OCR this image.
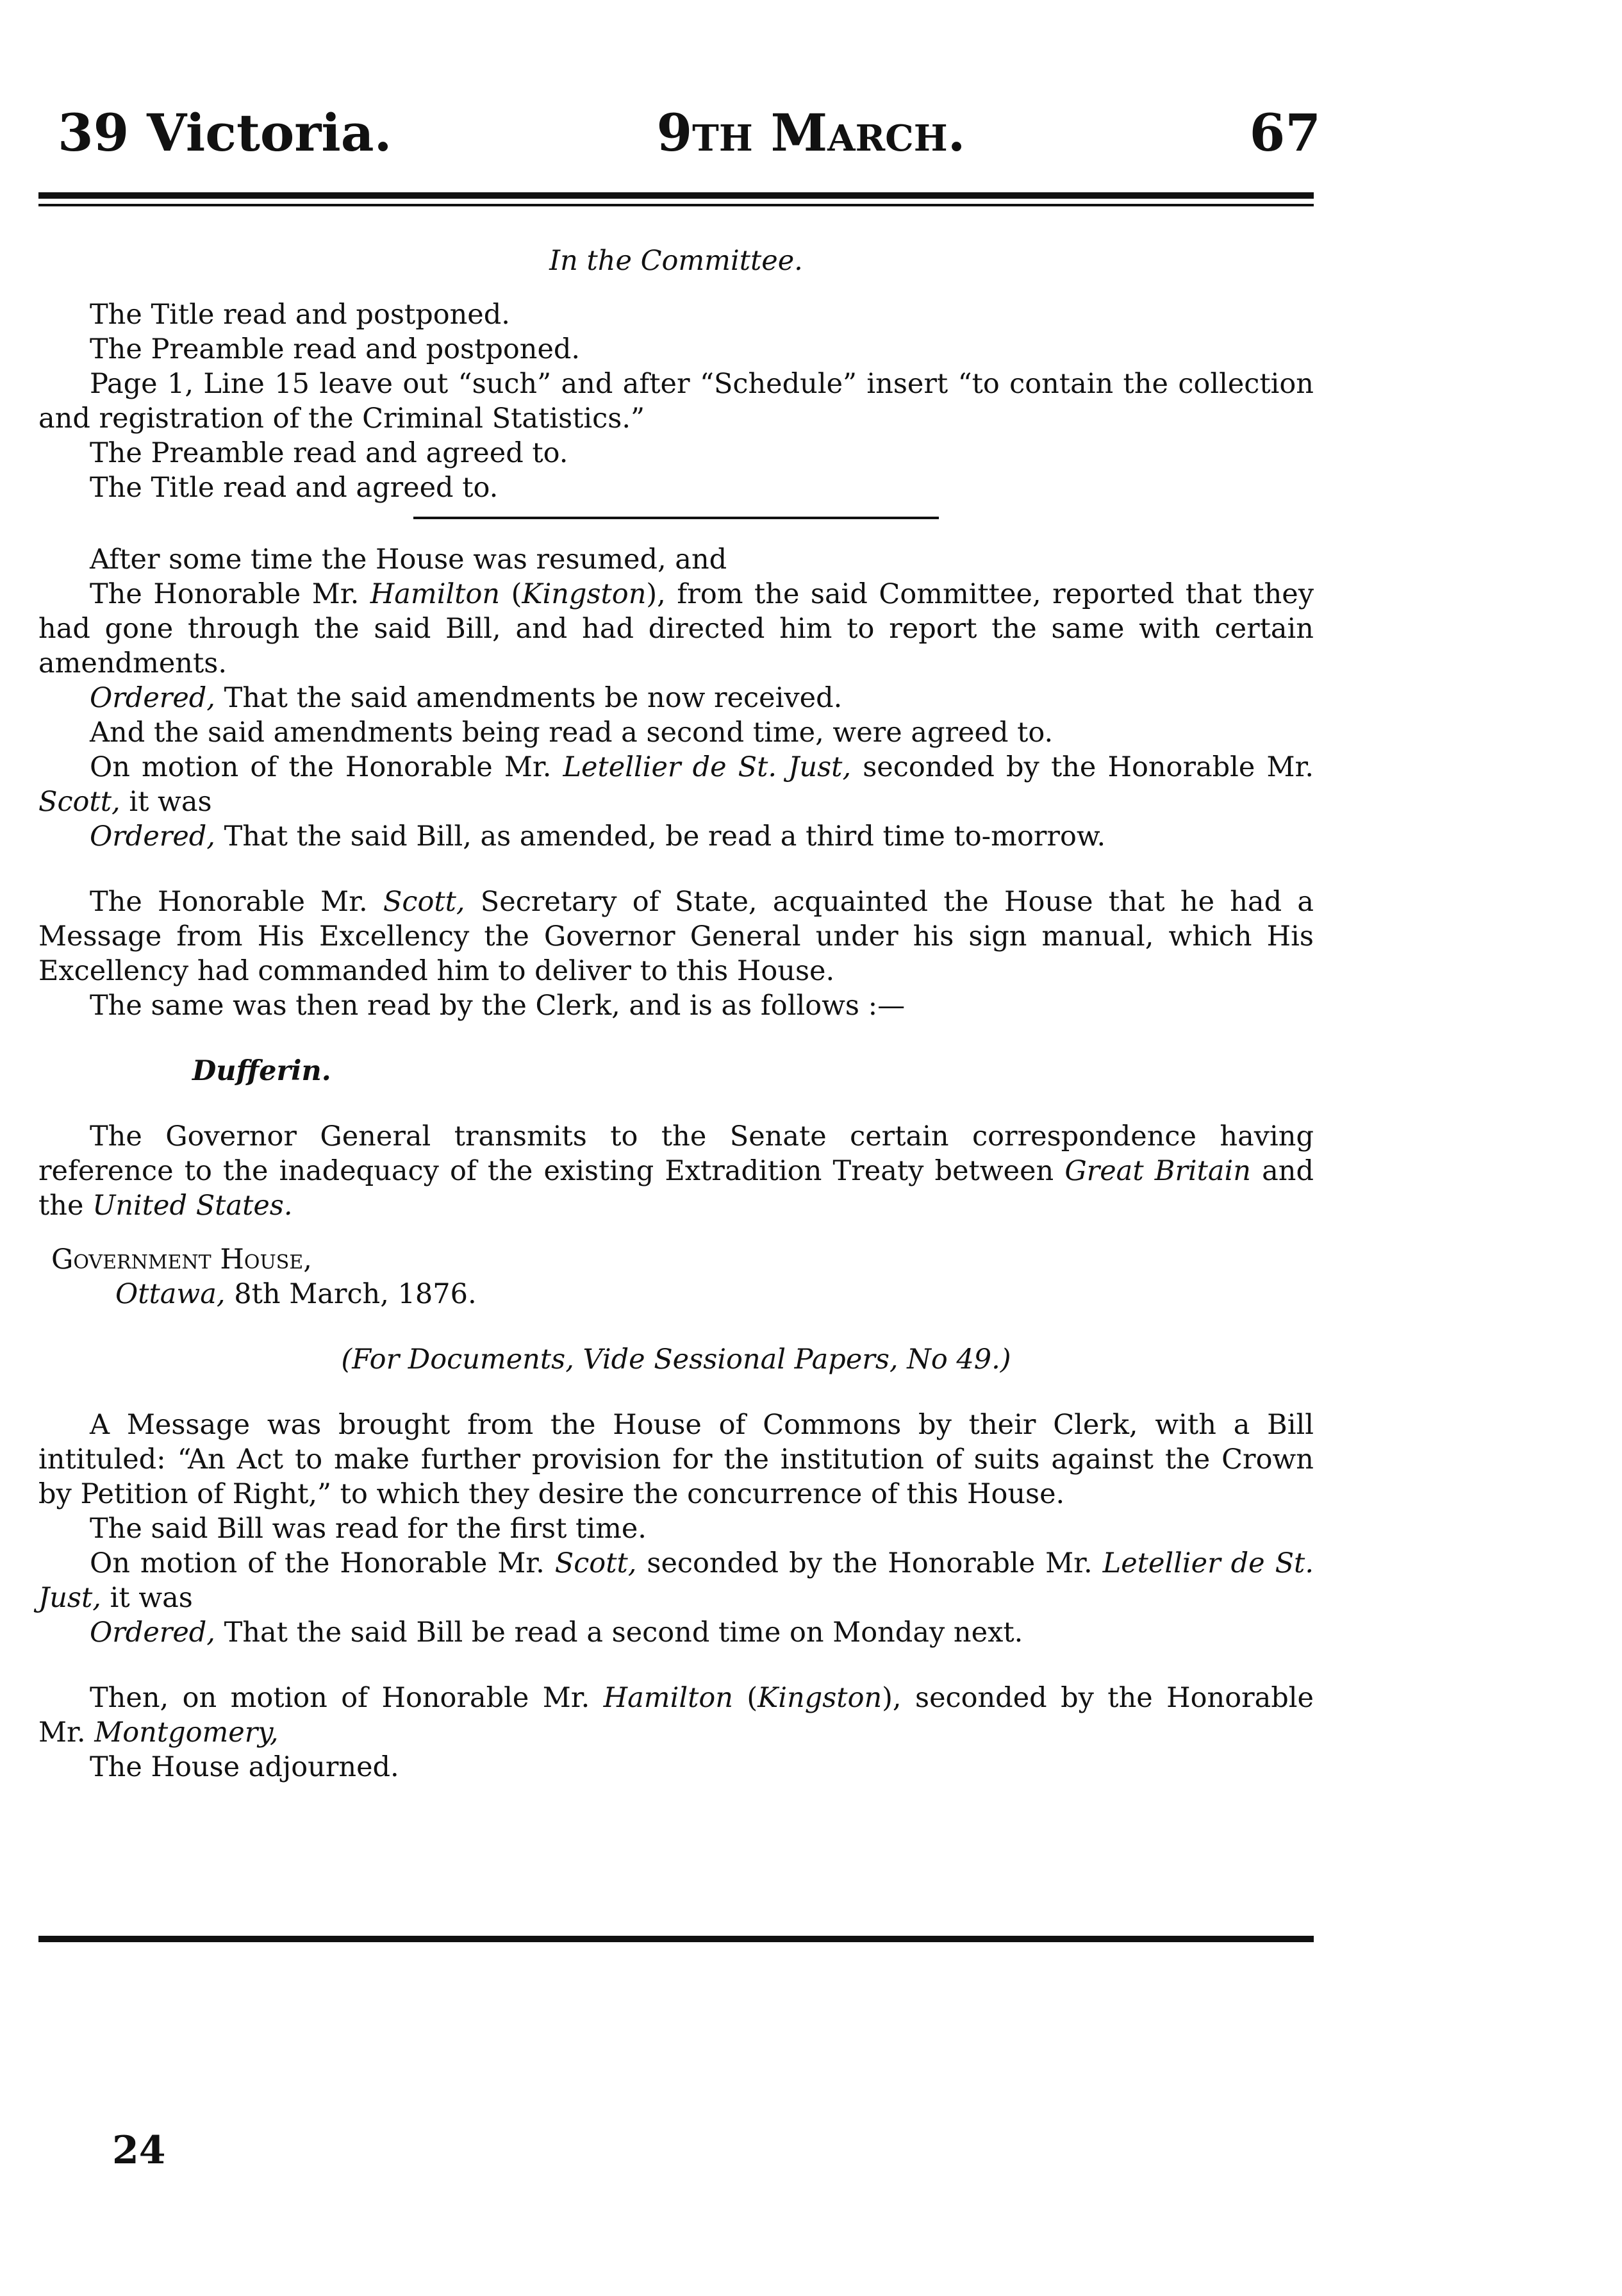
39 Victoria.	9th March.	67

In the Committee.

The Title read and postponed.

The Preamble read and postponed.

Page 1, Line 15 leave out “such” and after “Schedule” insert “to contain the collection and registration of the Criminal Statistics.”

The Preamble read and agreed to.

The Title read and agreed to.

After some time the House was resumed, and

The Honorable Mr. Hamilton (Kingston), from the said Committee, reported that they had gone through the said Bill, and had directed him to report the same with certain amendments.

Ordered, That the said amendments be now received.

And the said amendments being read a second time, were agreed to.

On motion of the Honorable Mr. Letellier de St. Just, seconded by the Honorable Mr. Scott, it was

Ordered, That the said Bill, as amended, be read a third time to-morrow.

The Honorable Mr. Scott, Secretary of State, acquainted the House that he had a Message from His Excellency the Governor General under his sign manual, which His Excellency had commanded him to deliver to this House.

The same was then read by the Clerk, and is as follows :—

Dufferin.

The Governor General transmits to the Senate certain correspondence having reference to the inadequacy of the existing Extradition Treaty between Great Britain and the United States.

Government House,

Ottawa, 8th March, 1876.

(For Documents, Vide Sessional Papers, No 49.)

A Message was brought from the House of Commons by their Clerk, with a Bill intituled: “An Act to make further provision for the institution of suits against the Crown by Petition of Right,” to which they desire the concurrence of this House.

The said Bill was read for the first time.

On motion of the Honorable Mr. Scott, seconded by the Honorable Mr. Letellier de St. Just, it was

Ordered, That the said Bill be read a second time on Monday next.

Then, on motion of Honorable Mr. Hamilton (Kingston), seconded by the Honorable Mr. Montgomery,

The House adjourned.

24
